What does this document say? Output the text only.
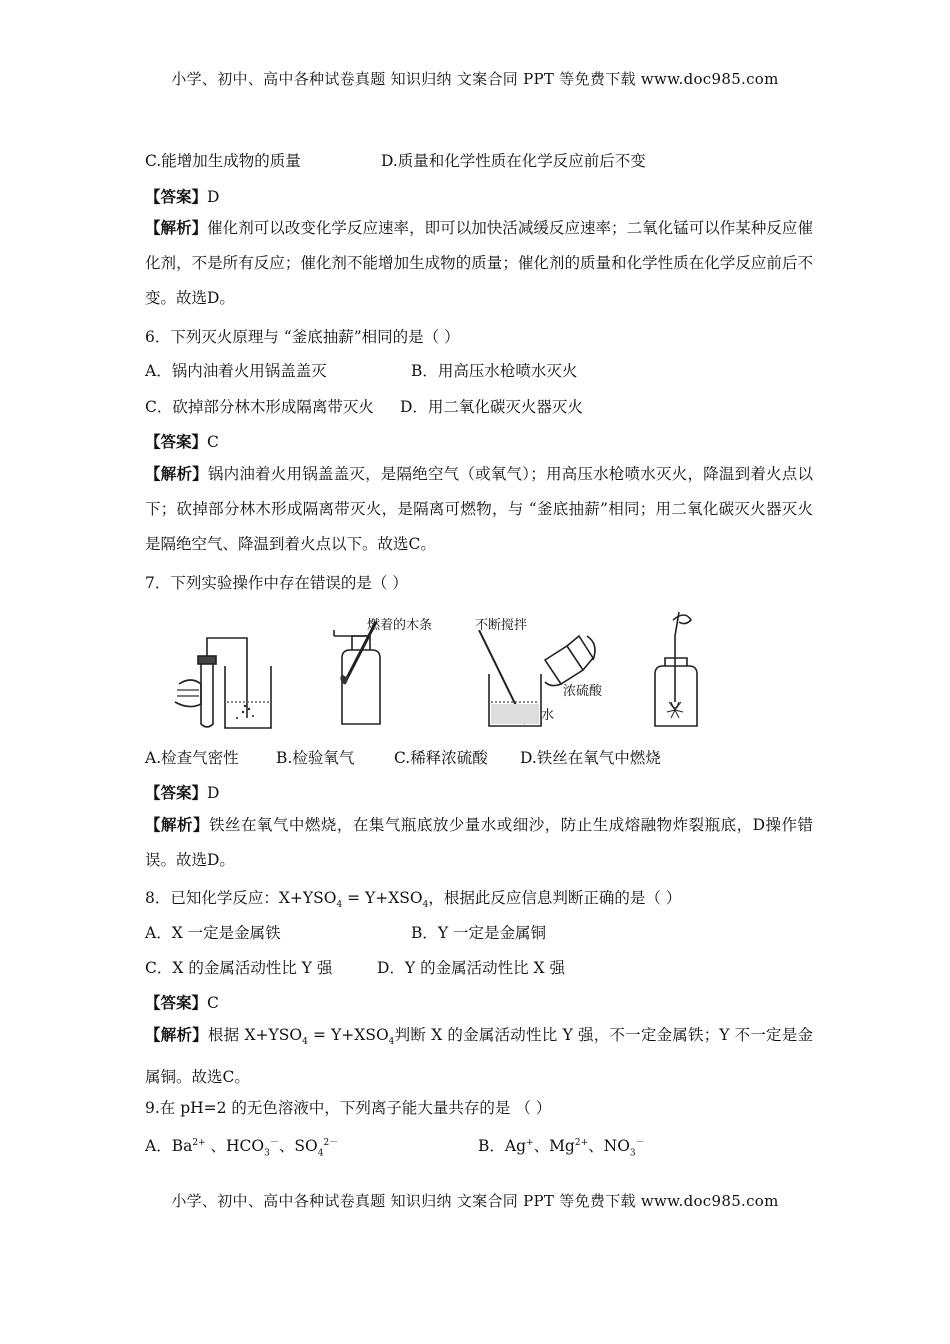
小学、初中、高中各种试卷真题 知识归纳 文案合同 PPT 等免费下载 www.doc985.com
C.能增加生成物的质量	D.质量和化学性质在化学反应前后不变
【答案】D
【解析】催化剂可以改变化学反应速率，即可以加快活减缓反应速率；二氧化锰可以作某种反应催化剂，不是所有反应；催化剂不能增加生成物的质量；催化剂的质量和化学性质在化学反应前后不变。故选D。
6．下列灭火原理与 “釜底抽薪”相同的是（ ）
A．锅内油着火用锅盖盖灭	B．用高压水枪喷水灭火
C．砍掉部分林木形成隔离带灭火 D．用二氧化碳灭火器灭火
【答案】C
【解析】锅内油着火用锅盖盖灭，是隔绝空气（或氧气）；用高压水枪喷水灭火，降温到着火点以下；砍掉部分林木形成隔离带灭火，是隔离可燃物，与 “釜底抽薪”相同；用二氧化碳灭火器灭火是隔绝空气、降温到着火点以下。故选C。
7．下列实验操作中存在错误的是（ ）
燃着的木条	不断搅拌
浓硫酸
水
A.检查气密性 B.检验氧气	C.稀释浓硫酸 D.铁丝在氧气中燃烧
【答案】D
【解析】铁丝在氧气中燃烧，在集气瓶底放少量水或细沙，防止生成熔融物炸裂瓶底，D操作错误。故选D。
8．已知化学反应：$X+YSO_4 = Y+XSO_4$，根据此反应信息判断正确的是（ ）
A．X 一定是金属铁	B．Y 一定是金属铜
C．X 的金属活动性比 Y 强	D．Y 的金属活动性比 X 强
【答案】C
【解析】根据 $X+YSO_4 = Y+XSO_4$判断 X 的金属活动性比 Y 强，不一定金属铁；Y 不一定是金属铜。故选C。
9.在 pH=2 的无色溶液中，下列离子能大量共存的是 （ ）
A．$Ba^{2+}$ 、$HCO_3^-$、$SO_4^{2-}$	B．Ag+、$Mg^{2+}$、$NO_3^-$
小学、初中、高中各种试卷真题 知识归纳 文案合同 PPT 等免费下载 www.doc985.com
